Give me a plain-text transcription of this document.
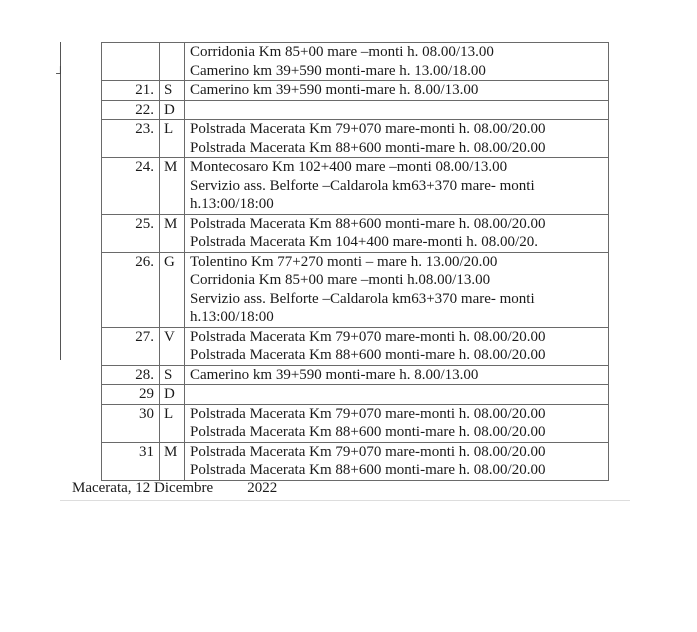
┘

		Corridonia Km 85+00 mare –monti h. 08.00/13.00
Camerino km 39+590 monti-mare h. 13.00/18.00

21.	S	Camerino km 39+590 monti-mare h. 8.00/13.00

22.	D	

23.	L	Polstrada Macerata Km 79+070 mare-monti h. 08.00/20.00
Polstrada Macerata Km 88+600 monti-mare h. 08.00/20.00

24.	M	Montecosaro Km 102+400 mare –monti 08.00/13.00
Servizio ass. Belforte –Caldarola km63+370 mare- monti
h.13:00/18:00

25.	M	Polstrada Macerata Km 88+600 monti-mare h. 08.00/20.00
Polstrada Macerata Km 104+400 mare-monti h. 08.00/20.

26.	G	Tolentino Km 77+270 monti – mare h. 13.00/20.00
Corridonia Km 85+00 mare –monti h.08.00/13.00
Servizio ass. Belforte –Caldarola km63+370 mare- monti
h.13:00/18:00

27.	V	Polstrada Macerata Km 79+070 mare-monti h. 08.00/20.00
Polstrada Macerata Km 88+600 monti-mare h. 08.00/20.00

28.	S	Camerino km 39+590 monti-mare h. 8.00/13.00

29	D	

30	L	Polstrada Macerata Km 79+070 mare-monti h. 08.00/20.00
Polstrada Macerata Km 88+600 monti-mare h. 08.00/20.00

31	M	Polstrada Macerata Km 79+070 mare-monti h. 08.00/20.00
Polstrada Macerata Km 88+600 monti-mare h. 08.00/20.00
Macerata, 12 Dicembre 2022
